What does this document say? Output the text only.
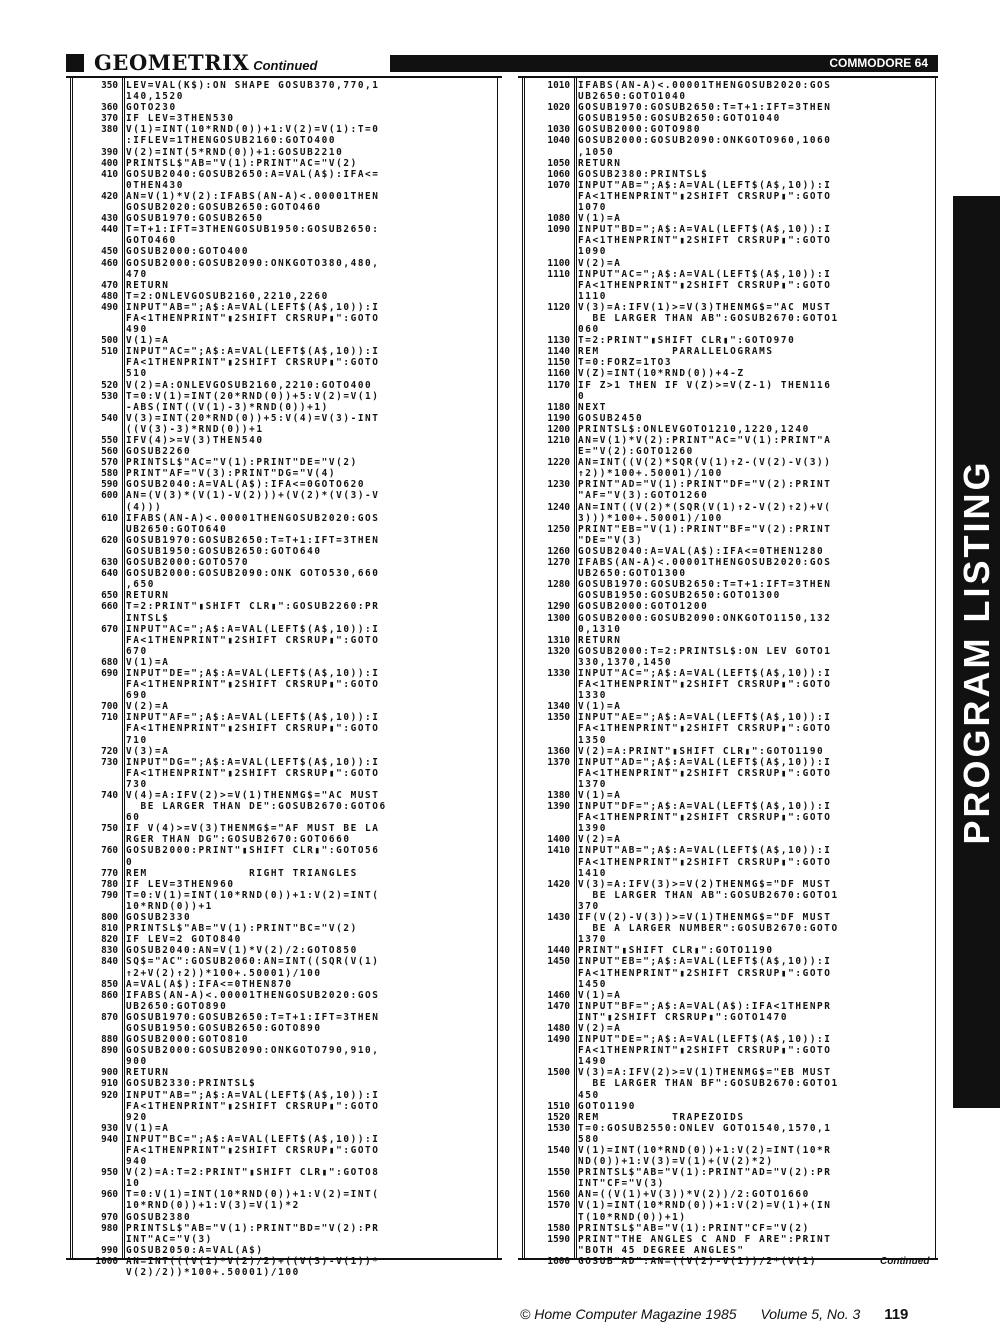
GEOMETRIX Continued	COMMODORE 64
350 LEV=VAL(K$):ON SHAPE GOSUB370,770,1
140,1520
360 GOTO230
370 IF LEV=3THEN530
380 V(1)=INT(10*RND(0))+1:V(2)=V(1):T=0
:IFLEV=1THENGOSUB2160:GOTO400
390 V(2)=INT(5*RND(0))+1:GOSUB2210
400 PRINTSL$"AB="V(1):PRINT"AC="V(2)
410 GOSUB2040:GOSUB2650:A=VAL(A$):IFA<=
0THEN430
420 AN=V(1)*V(2):IFABS(AN-A)<.00001THEN
GOSUB2020:GOSUB2650:GOTO460
430 GOSUB1970:GOSUB2650
440 T=T+1:IFT=3THENGOSUB1950:GOSUB2650:
GOTO460
450 GOSUB2000:GOTO400
460 GOSUB2000:GOSUB2090:ONKGOTO380,480,
470
470 RETURN
480 T=2:ONLEVGOSUB2160,2210,2260
490 INPUT"AB=";A$:A=VAL(LEFT$(A$,10)):I
FA<1THENPRINT"▮2SHIFT CRSRUP▮":GOTO
490
500 V(1)=A
510 INPUT"AC=";A$:A=VAL(LEFT$(A$,10)):I
FA<1THENPRINT"▮2SHIFT CRSRUP▮":GOTO
510
520 V(2)=A:ONLEVGOSUB2160,2210:GOTO400
530 T=0:V(1)=INT(20*RND(0))+5:V(2)=V(1)
-ABS(INT((V(1)-3)*RND(0))+1)
540 V(3)=INT(20*RND(0))+5:V(4)=V(3)-INT
((V(3)-3)*RND(0))+1
550 IFV(4)>=V(3)THEN540
560 GOSUB2260
570 PRINTSL$"AC="V(1):PRINT"DE="V(2)
580 PRINT"AF="V(3):PRINT"DG="V(4)
590 GOSUB2040:A=VAL(A$):IFA<=0GOTO620
600 AN=(V(3)*(V(1)-V(2)))+(V(2)*(V(3)-V
(4)))
610 IFABS(AN-A)<.00001THENGOSUB2020:GOS
UB2650:GOTO640
620 GOSUB1970:GOSUB2650:T=T+1:IFT=3THEN
GOSUB1950:GOSUB2650:GOTO640
630 GOSUB2000:GOTO570
640 GOSUB2000:GOSUB2090:ONK GOTO530,660
,650
650 RETURN
660 T=2:PRINT"▮SHIFT CLR▮":GOSUB2260:PR
INTSL$
670 INPUT"AC=";A$:A=VAL(LEFT$(A$,10)):I
FA<1THENPRINT"▮2SHIFT CRSRUP▮":GOTO
670
680 V(1)=A
690 INPUT"DE=";A$:A=VAL(LEFT$(A$,10)):I
FA<1THENPRINT"▮2SHIFT CRSRUP▮":GOTO
690
700 V(2)=A
710 INPUT"AF=";A$:A=VAL(LEFT$(A$,10)):I
FA<1THENPRINT"▮2SHIFT CRSRUP▮":GOTO
710
720 V(3)=A
730 INPUT"DG=";A$:A=VAL(LEFT$(A$,10)):I
FA<1THENPRINT"▮2SHIFT CRSRUP▮":GOTO
730
740 V(4)=A:IFV(2)>=V(1)THENMG$="AC MUST
BE LARGER THAN DE":GOSUB2670:GOTO6
60
750 IF V(4)>=V(3)THENMG$="AF MUST BE LA
RGER THAN DG":GOSUB2670:GOTO660
760 GOSUB2000:PRINT"▮SHIFT CLR▮":GOTO56
0
770 REM              RIGHT TRIANGLES
780 IF LEV=3THEN960
790 T=0:V(1)=INT(10*RND(0))+1:V(2)=INT(
10*RND(0))+1
800 GOSUB2330
810 PRINTSL$"AB="V(1):PRINT"BC="V(2)
820 IF LEV=2 GOTO840
830 GOSUB2040:AN=V(1)*V(2)/2:GOTO850
840 SQ$="AC":GOSUB2060:AN=INT((SQR(V(1)
↑2+V(2)↑2))*100+.50001)/100
850 A=VAL(A$):IFA<=0THEN870
860 IFABS(AN-A)<.00001THENGOSUB2020:GOS
UB2650:GOTO890
870 GOSUB1970:GOSUB2650:T=T+1:IFT=3THEN
GOSUB1950:GOSUB2650:GOTO890
880 GOSUB2000:GOTO810
890 GOSUB2000:GOSUB2090:ONKGOTO790,910,
900
900 RETURN
910 GOSUB2330:PRINTSL$
920 INPUT"AB=";A$:A=VAL(LEFT$(A$,10)):I
FA<1THENPRINT"▮2SHIFT CRSRUP▮":GOTO
920
930 V(1)=A
940 INPUT"BC=";A$:A=VAL(LEFT$(A$,10)):I
FA<1THENPRINT"▮2SHIFT CRSRUP▮":GOTO
940
950 V(2)=A:T=2:PRINT"▮SHIFT CLR▮":GOTO8
10
960 T=0:V(1)=INT(10*RND(0))+1:V(2)=INT(
10*RND(0))+1:V(3)=V(1)*2
970 GOSUB2380
980 PRINTSL$"AB="V(1):PRINT"BD="V(2):PR
INT"AC="V(3)
990 GOSUB2050:A=VAL(A$)
1000 AN=INT(((V(1)*V(2)/2)+((V(3)-V(1))*
V(2)/2))*100+.50001)/100
1010 IFABS(AN-A)<.00001THENGOSUB2020:GOS
UB2650:GOTO1040
1020 GOSUB1970:GOSUB2650:T=T+1:IFT=3THEN
GOSUB1950:GOSUB2650:GOTO1040
1030 GOSUB2000:GOTO980
1040 GOSUB2000:GOSUB2090:ONKGOTO960,1060
,1050
1050 RETURN
1060 GOSUB2380:PRINTSL$
1070 INPUT"AB=";A$:A=VAL(LEFT$(A$,10)):I
FA<1THENPRINT"▮2SHIFT CRSRUP▮":GOTO
1070
1080 V(1)=A
1090 INPUT"BD=";A$:A=VAL(LEFT$(A$,10)):I
FA<1THENPRINT"▮2SHIFT CRSRUP▮":GOTO
1090
1100 V(2)=A
1110 INPUT"AC=";A$:A=VAL(LEFT$(A$,10)):I
FA<1THENPRINT"▮2SHIFT CRSRUP▮":GOTO
1110
1120 V(3)=A:IFV(1)>=V(3)THENMG$="AC MUST
BE LARGER THAN AB":GOSUB2670:GOTO1
060
1130 T=2:PRINT"▮SHIFT CLR▮":GOTO970
1140 REM          PARALLELOGRAMS
1150 T=0:FORZ=1TO3
1160 V(Z)=INT(10*RND(0))+4-Z
1170 IF Z>1 THEN IF V(Z)>=V(Z-1) THEN116
0
1180 NEXT
1190 GOSUB2450
1200 PRINTSL$:ONLEVGOTO1210,1220,1240
1210 AN=V(1)*V(2):PRINT"AC="V(1):PRINT"A
E="V(2):GOTO1260
1220 AN=INT((V(2)*SQR(V(1)↑2-(V(2)-V(3))
↑2))*100+.50001)/100
1230 PRINT"AD="V(1):PRINT"DF="V(2):PRINT
"AF="V(3):GOTO1260
1240 AN=INT((V(2)*(SQR(V(1)↑2-V(2)↑2)+V(
3)))*100+.50001)/100
1250 PRINT"EB="V(1):PRINT"BF="V(2):PRINT
"DE="V(3)
1260 GOSUB2040:A=VAL(A$):IFA<=0THEN1280
1270 IFABS(AN-A)<.00001THENGOSUB2020:GOS
UB2650:GOTO1300
1280 GOSUB1970:GOSUB2650:T=T+1:IFT=3THEN
GOSUB1950:GOSUB2650:GOTO1300
1290 GOSUB2000:GOTO1200
1300 GOSUB2000:GOSUB2090:ONKGOTO1150,132
0,1310
1310 RETURN
1320 GOSUB2000:T=2:PRINTSL$:ON LEV GOTO1
330,1370,1450
1330 INPUT"AC=";A$:A=VAL(LEFT$(A$,10)):I
FA<1THENPRINT"▮2SHIFT CRSRUP▮":GOTO
1330
1340 V(1)=A
1350 INPUT"AE=";A$:A=VAL(LEFT$(A$,10)):I
FA<1THENPRINT"▮2SHIFT CRSRUP▮":GOTO
1350
1360 V(2)=A:PRINT"▮SHIFT CLR▮":GOTO1190
1370 INPUT"AD=";A$:A=VAL(LEFT$(A$,10)):I
FA<1THENPRINT"▮2SHIFT CRSRUP▮":GOTO
1370
1380 V(1)=A
1390 INPUT"DF=";A$:A=VAL(LEFT$(A$,10)):I
FA<1THENPRINT"▮2SHIFT CRSRUP▮":GOTO
1390
1400 V(2)=A
1410 INPUT"AB=";A$:A=VAL(LEFT$(A$,10)):I
FA<1THENPRINT"▮2SHIFT CRSRUP▮":GOTO
1410
1420 V(3)=A:IFV(3)>=V(2)THENMG$="DF MUST
BE LARGER THAN AB":GOSUB2670:GOTO1
370
1430 IF(V(2)-V(3))>=V(1)THENMG$="DF MUST
BE A LARGER NUMBER":GOSUB2670:GOTO
1370
1440 PRINT"▮SHIFT CLR▮":GOTO1190
1450 INPUT"EB=";A$:A=VAL(LEFT$(A$,10)):I
FA<1THENPRINT"▮2SHIFT CRSRUP▮":GOTO
1450
1460 V(1)=A
1470 INPUT"BF=";A$:A=VAL(A$):IFA<1THENPR
INT"▮2SHIFT CRSRUP▮":GOTO1470
1480 V(2)=A
1490 INPUT"DE=";A$:A=VAL(LEFT$(A$,10)):I
FA<1THENPRINT"▮2SHIFT CRSRUP▮":GOTO
1490
1500 V(3)=A:IFV(2)>=V(1)THENMG$="EB MUST
BE LARGER THAN BF":GOSUB2670:GOTO1
450
1510 GOTO1190
1520 REM          TRAPEZOIDS
1530 T=0:GOSUB2550:ONLEV GOTO1540,1570,1
580
1540 V(1)=INT(10*RND(0))+1:V(2)=INT(10*R
ND(0))+1:V(3)=V(1)+(V(2)*2)
1550 PRINTSL$"AB="V(1):PRINT"AD="V(2):PR
INT"CF="V(3)
1560 AN=((V(1)+V(3))*V(2))/2:GOTO1660
1570 V(1)=INT(10*RND(0))+1:V(2)=V(1)+(IN
T(10*RND(0))+1)
1580 PRINTSL$"AB="V(1):PRINT"CF="V(2)
1590 PRINT"THE ANGLES C AND F ARE":PRINT
"BOTH 45 DEGREE ANGLES"
1600 GOSUB"AD":AN=((V(2)-V(1))/2*(V(1)	Continued
PROGRAM LISTING
© Home Computer Magazine 1985 Volume 5, No. 3 119
